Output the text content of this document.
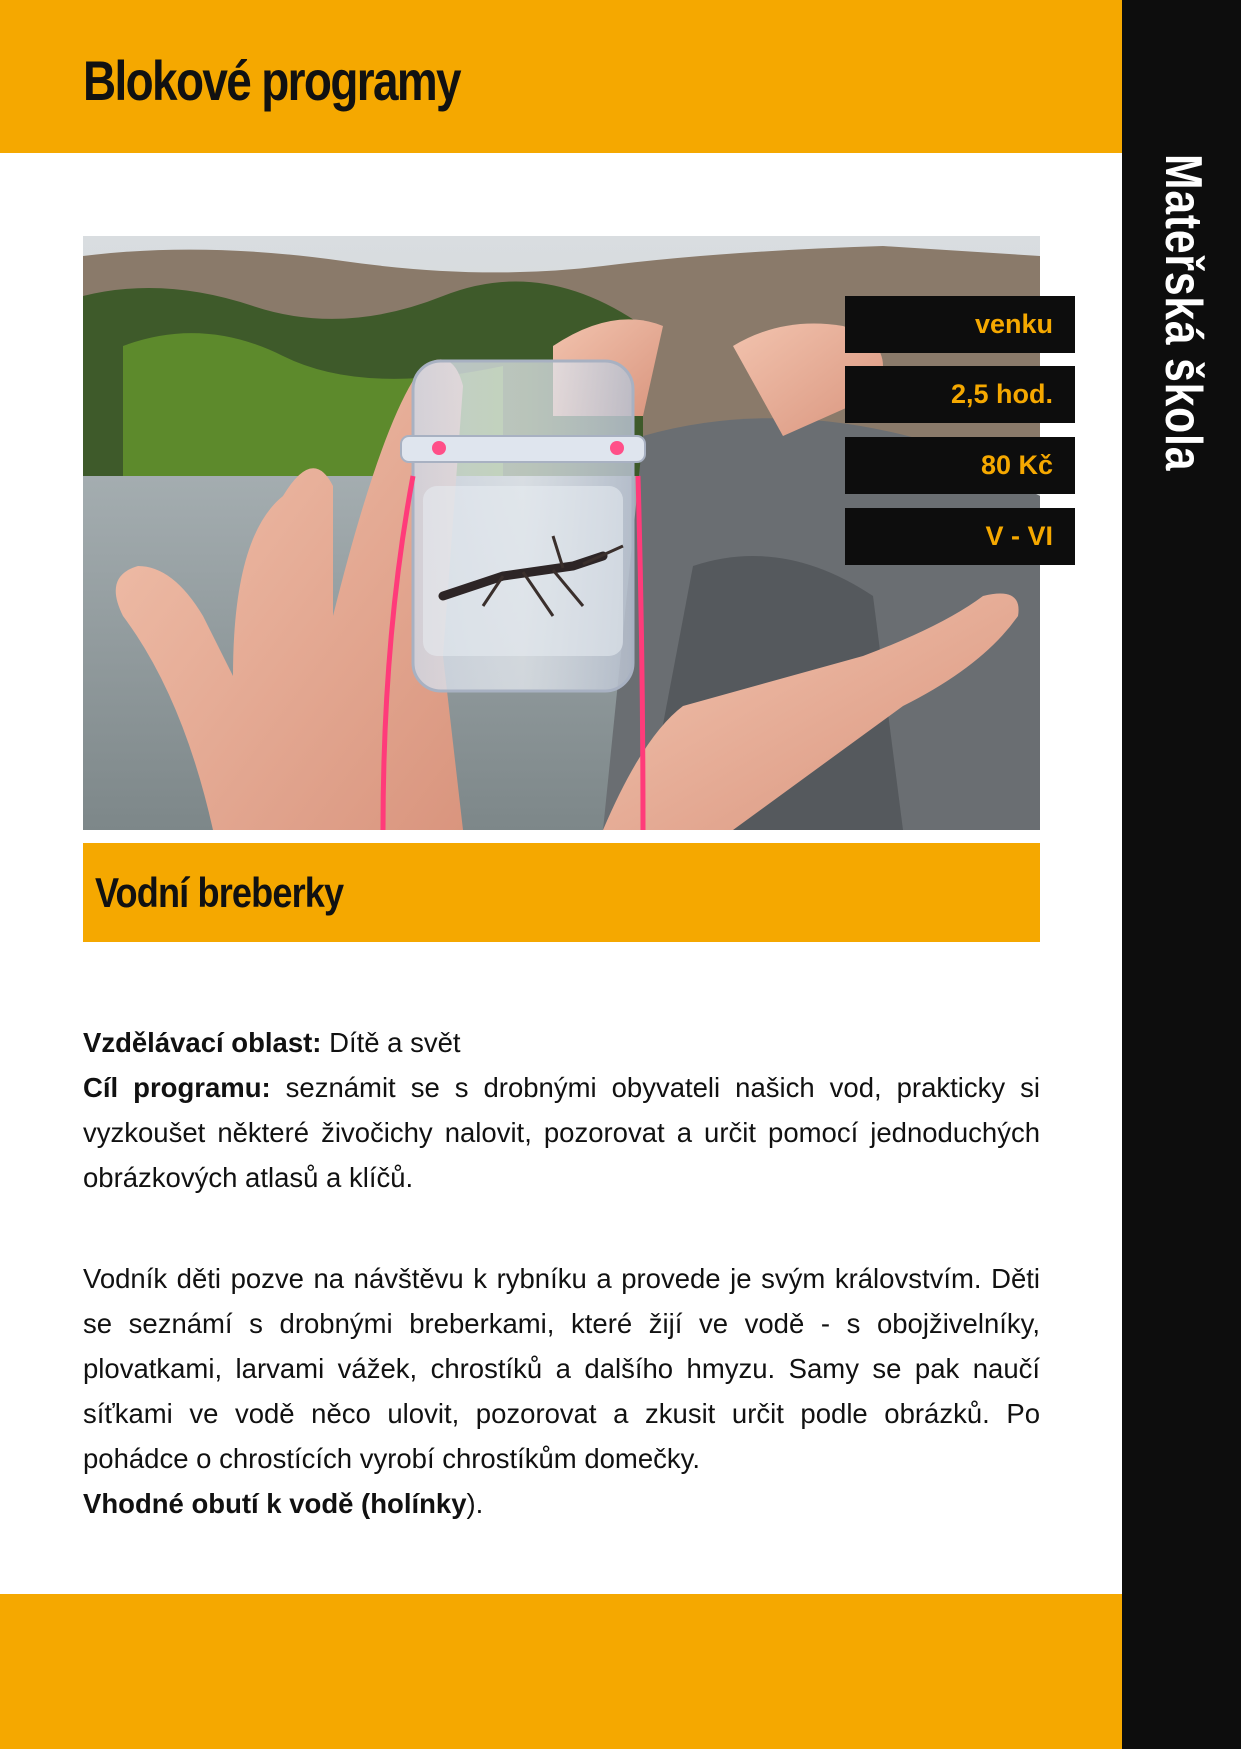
Blokové programy
Mateřská škola
venku
2,5 hod.
80 Kč
V - VI
Vodní breberky

Vzdělávací oblast: Dítě a svět

Cíl programu: seznámit se s drobnými obyvateli našich vod, prakticky si vyzkoušet některé živočichy nalovit, pozorovat a určit pomocí jednoduchých obrázkových atlasů a klíčů.

Vodník děti pozve na návštěvu k rybníku a provede je svým královstvím. Děti se seznámí s drobnými breberkami, které žijí ve vodě - s obojživelníky, plovatkami, larvami vážek, chrostíků a dalšího hmyzu. Samy se pak naučí síťkami ve vodě něco ulovit, pozorovat a zkusit určit podle obrázků. Po pohádce o chrostících vyrobí chrostíkům domečky.

Vhodné obutí k vodě (holínky).
